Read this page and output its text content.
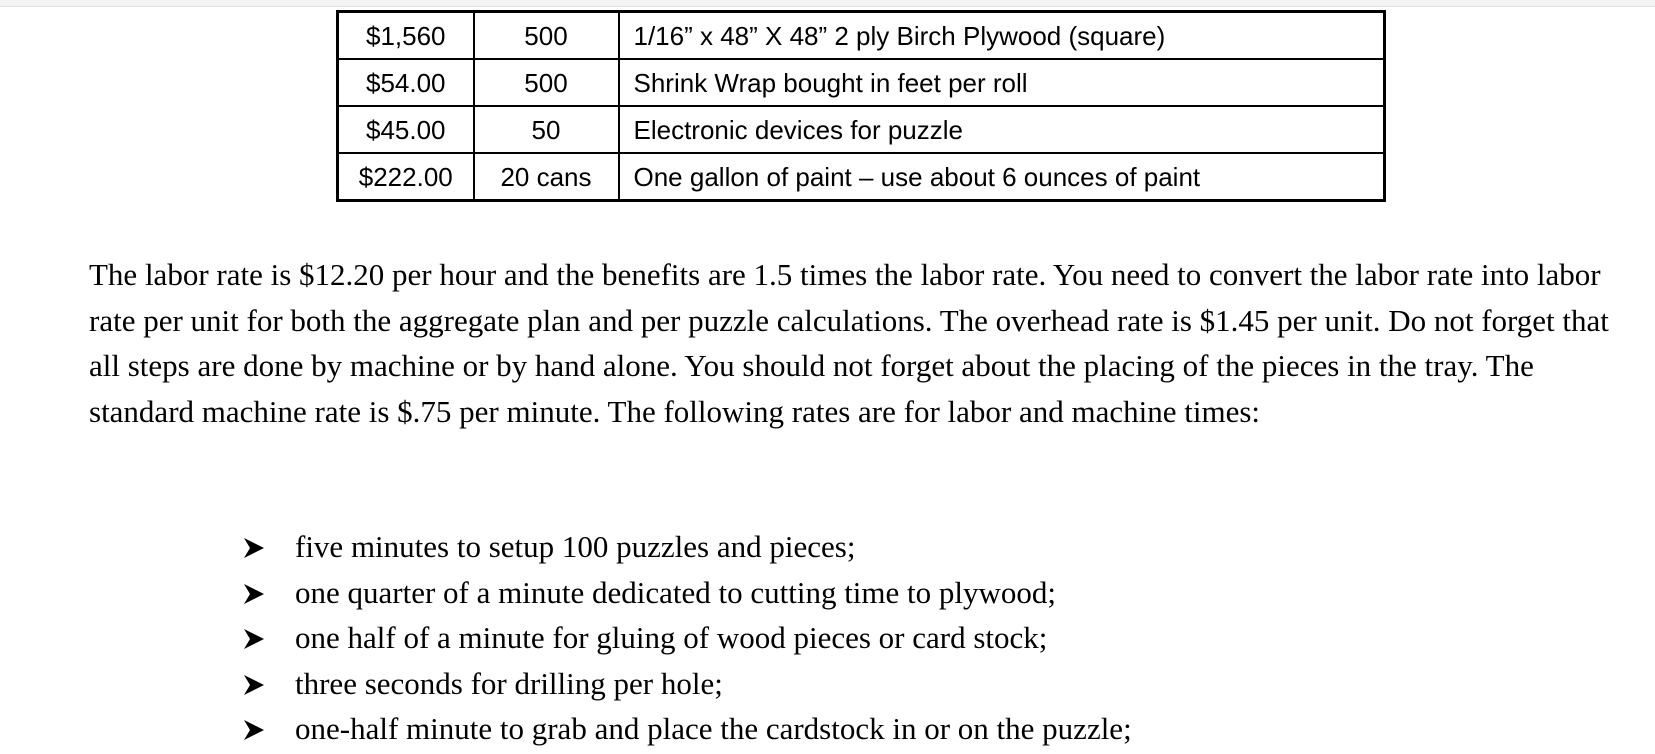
$1,560	500	1/16” x 48” X 48” 2 ply Birch Plywood (square)
$54.00	500	Shrink Wrap bought in feet per roll
$45.00	50	Electronic devices for puzzle
$222.00	20 cans	One gallon of paint – use about 6 ounces of paint

The labor rate is $12.20 per hour and the benefits are 1.5 times the labor rate. You need to convert the labor rate into labor rate per unit for both the aggregate plan and per puzzle calculations. The overhead rate is $1.45 per unit. Do not forget that all steps are done by machine or by hand alone. You should not forget about the placing of the pieces in the tray. The standard machine rate is $.75 per minute. The following rates are for labor and machine times:

five minutes to setup 100 puzzles and pieces;
one quarter of a minute dedicated to cutting time to plywood;
one half of a minute for gluing of wood pieces or card stock;
three seconds for drilling per hole;
one-half minute to grab and place the cardstock in or on the puzzle;
